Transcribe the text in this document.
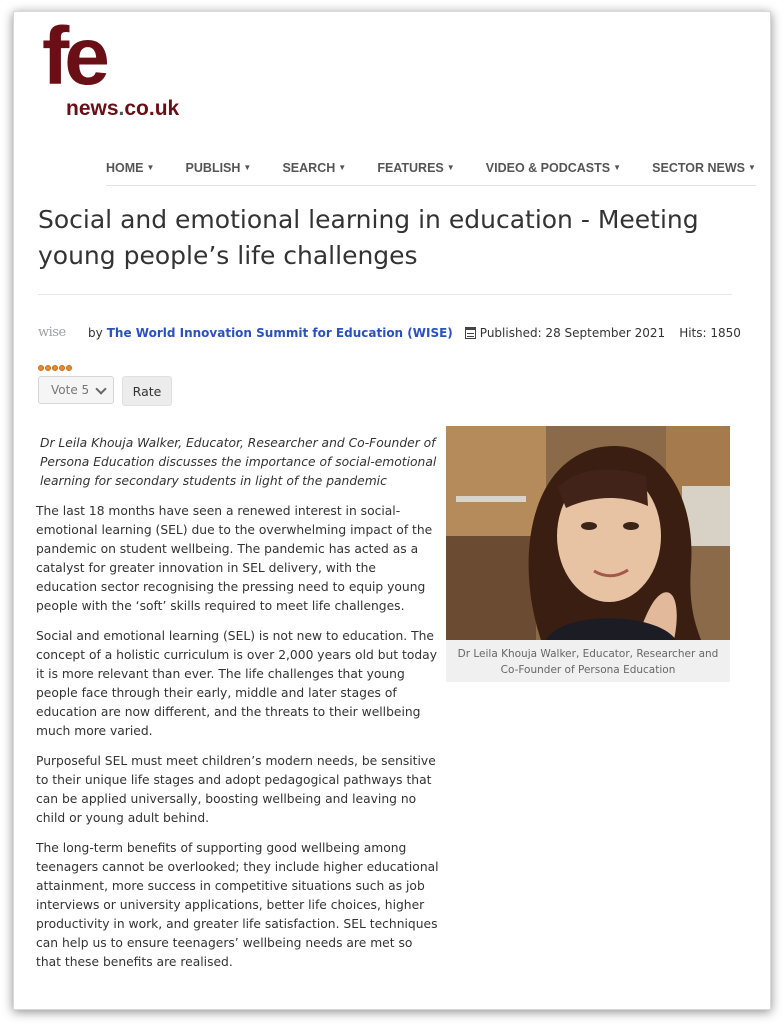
fe
news.co.uk
HOME ▼ PUBLISH ▼ SEARCH ▼ FEATURES ▼ VIDEO & PODCASTS ▼ SECTOR NEWS ▼
Social and emotional learning in education - Meeting young people’s life challenges
wise	by The World Innovation Summit for Education (WISE) Published: 28 September 2021 Hits: 1850
Vote 5	Rate

Dr Leila Khouja Walker, Educator, Researcher and Co-Founder of Persona Education discusses the importance of social-emotional learning for secondary students in light of the pandemic

The last 18 months have seen a renewed interest in social-emotional learning (SEL) due to the overwhelming impact of the pandemic on student wellbeing. The pandemic has acted as a catalyst for greater innovation in SEL delivery, with the education sector recognising the pressing need to equip young people with the ‘soft’ skills required to meet life challenges.

Social and emotional learning (SEL) is not new to education. The concept of a holistic curriculum is over 2,000 years old but today it is more relevant than ever. The life challenges that young people face through their early, middle and later stages of education are now different, and the threats to their wellbeing much more varied.

Purposeful SEL must meet children’s modern needs, be sensitive to their unique life stages and adopt pedagogical pathways that can be applied universally, boosting wellbeing and leaving no child or young adult behind.

The long-term benefits of supporting good wellbeing among teenagers cannot be overlooked; they include higher educational attainment, more success in competitive situations such as job interviews or university applications, better life choices, higher productivity in work, and greater life satisfaction. SEL techniques can help us to ensure teenagers’ wellbeing needs are met so that these benefits are realised.

Dr Leila Khouja Walker, Educator, Researcher and Co-Founder of Persona Education
